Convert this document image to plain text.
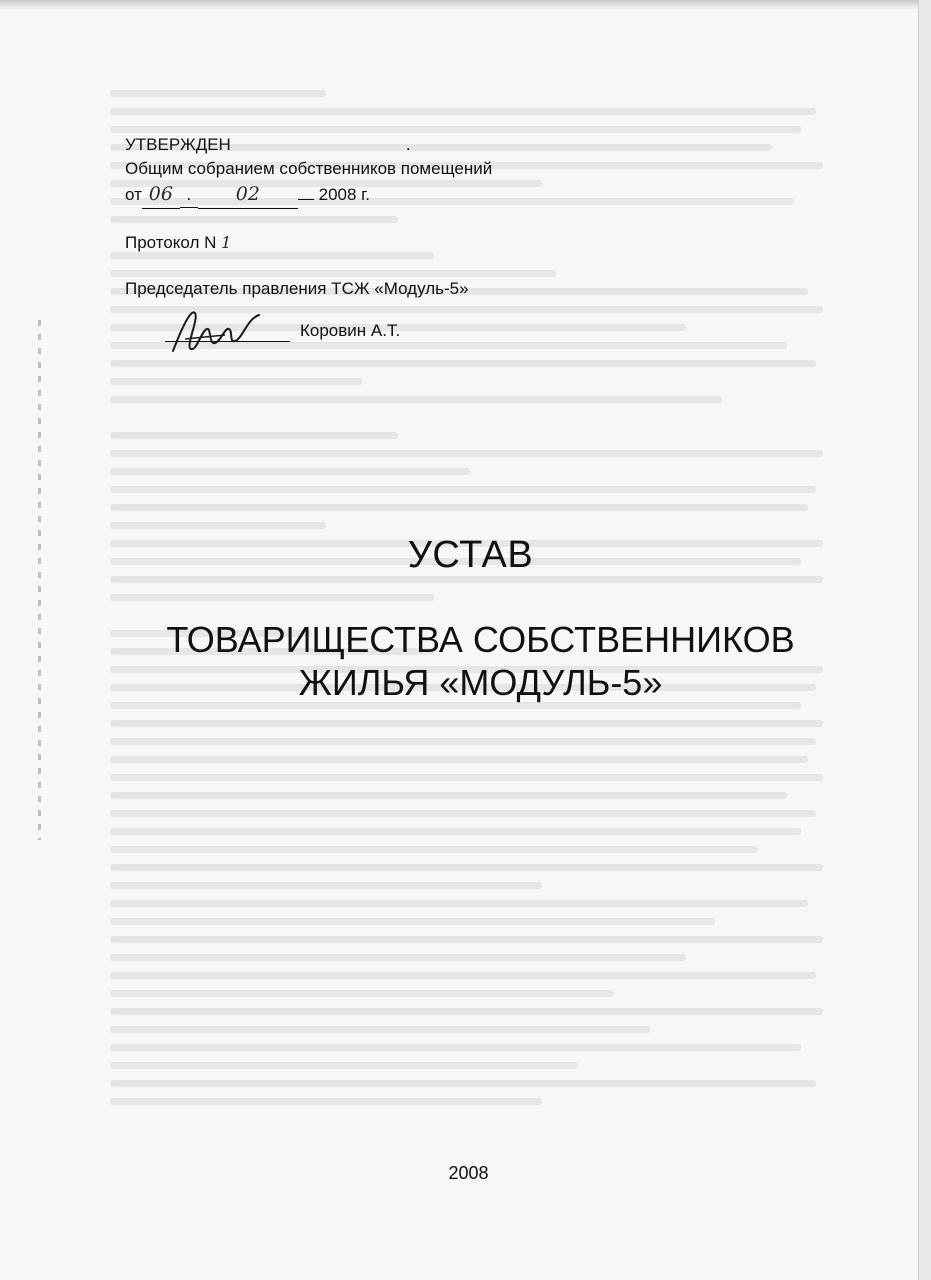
УТВЕРЖДЕН	.
Общим собранием собственников помещений
от 06 . 02	2008 г.
Протокол N 1
Председатель правления ТСЖ «Модуль-5»
Коровин А.Т.
УСТАВ
ТОВАРИЩЕСТВА СОБСТВЕННИКОВ
ЖИЛЬЯ «МОДУЛЬ-5»
2008
